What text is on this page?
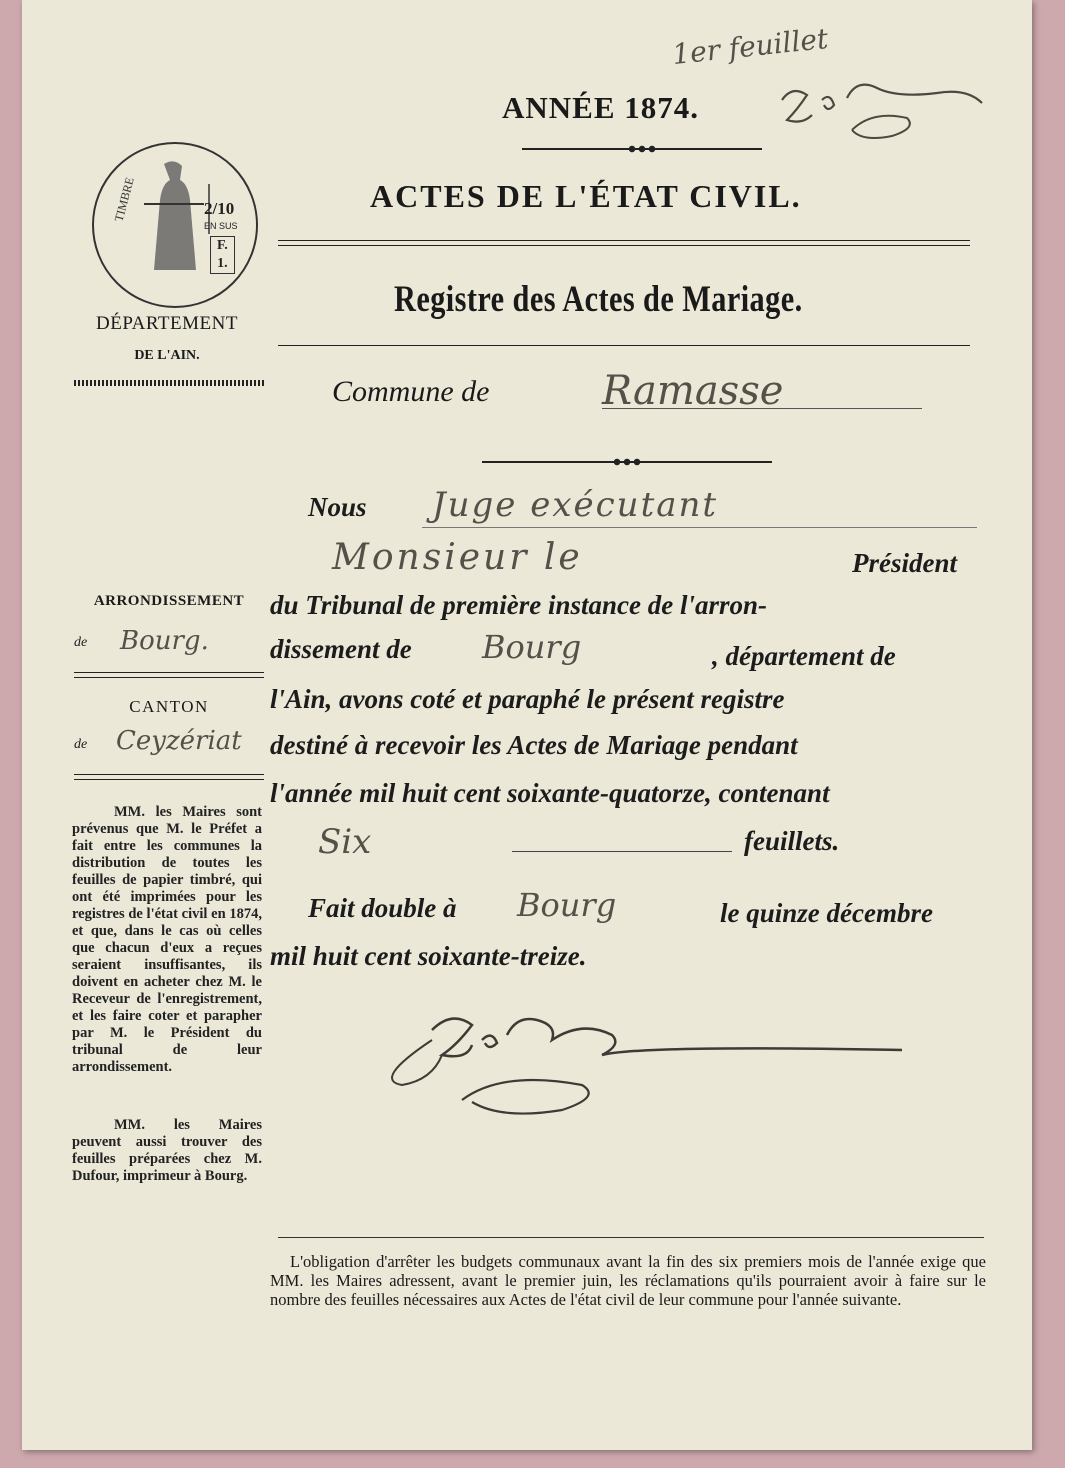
1er feuillet
ANNÉE 1874.
ACTES DE L'ÉTAT CIVIL.
TIMBRE	2/10
EN SUS
F.
1.
DÉPARTEMENT
DE L'AIN.
Registre des Actes de Mariage.
Commune de	Ramasse
Nous Juge exécutant
Monsieur le	Président
du Tribunal de première instance de l'arron-
dissement de Bourg	, département de
l'Ain, avons coté et paraphé le présent registre
destiné à recevoir les Actes de Mariage pendant
l'année mil huit cent soixante-quatorze, contenant
Six	feuillets.
Fait double à Bourg	le quinze décembre
mil huit cent soixante-treize.
ARRONDISSEMENT
de Bourg.
CANTON
de Ceyzériat
MM. les Maires sont prévenus que M. le Préfet a fait entre les communes la distribution de toutes les feuilles de papier timbré, qui ont été imprimées pour les registres de l'état civil en 1874, et que, dans le cas où celles que chacun d'eux a reçues seraient insuffisantes, ils doivent en acheter chez M. le Receveur de l'enregistrement, et les faire coter et parapher par M. le Président du tribunal de leur arrondissement.
MM. les Maires peuvent aussi trouver des feuilles préparées chez M. Dufour, imprimeur à Bourg.
L'obligation d'arrêter les budgets communaux avant la fin des six premiers mois de l'année exige que MM. les Maires adressent, avant le premier juin, les réclamations qu'ils pourraient avoir à faire sur le nombre des feuilles nécessaires aux Actes de l'état civil de leur commune pour l'année suivante.
